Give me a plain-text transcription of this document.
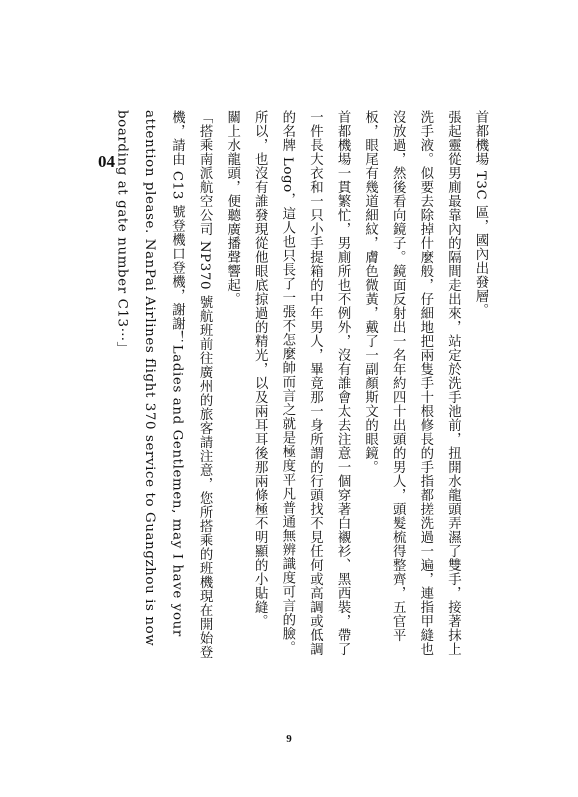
04	首都機場 T3C 區，國內出發層。

張起靈從男廁最靠內的隔間走出來，站定於洗手池前，扭開水龍頭弄濕了雙手，接著抹上洗手液。似要去除掉什麼般，仔細地把兩隻手十根修長的手指都搓洗過一遍，連指甲縫也沒放過，然後看向鏡子。鏡面反射出一名年約四十出頭的男人，頭髮梳得整齊，五官平板，眼尾有幾道細紋，膚色微黃，戴了一副顏斯文的眼鏡。

首都機場一貫繁忙，男廁所也不例外，沒有誰會太去注意一個穿著白襯衫、黑西裝，帶了一件長大衣和一只小手提箱的中年男人，畢竟那一身所謂的行頭找不見任何或高調或低調的名牌 Logo，這人也只長了一張不怎麼帥而言之就是極度平凡普通無辨識度可言的臉。

所以，也沒有誰發現從他眼底掠過的精光，以及兩耳耳後那兩條極不明顯的小貼縫。

關上水龍頭，便聽廣播聲響起。

「搭乘南派航空公司 NP370 號航班前往廣州的旅客請注意，您所搭乘的班機現在開始登機，請由 C13 號登機口登機，謝謝！Ladies and Gentlemen, may I have your attention please. NanPai Airlines flight 370 service to Guangzhou is now boarding at gate number C13⋯」

9
